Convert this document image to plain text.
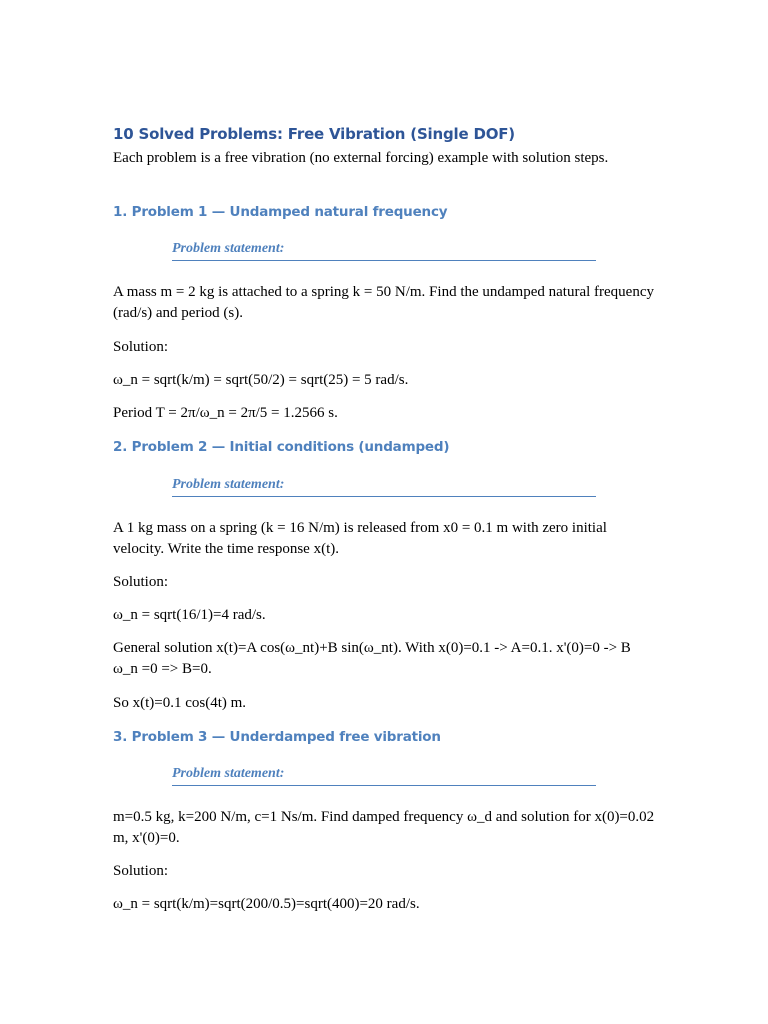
10 Solved Problems: Free Vibration (Single DOF)

Each problem is a free vibration (no external forcing) example with solution steps.

1. Problem 1 — Undamped natural frequency
Problem statement:

A mass m = 2 kg is attached to a spring k = 50 N/m. Find the undamped natural frequency (rad/s) and period (s).

Solution:

ω_n = sqrt(k/m) = sqrt(50/2) = sqrt(25) = 5 rad/s.

Period T = 2π/ω_n = 2π/5 = 1.2566 s.

2. Problem 2 — Initial conditions (undamped)
Problem statement:

A 1 kg mass on a spring (k = 16 N/m) is released from x0 = 0.1 m with zero initial velocity. Write the time response x(t).

Solution:

ω_n = sqrt(16/1)=4 rad/s.

General solution x(t)=A cos(ω_nt)+B sin(ω_nt). With x(0)=0.1 -> A=0.1. x'(0)=0 -> B ω_n =0 => B=0.

So x(t)=0.1 cos(4t) m.

3. Problem 3 — Underdamped free vibration
Problem statement:

m=0.5 kg, k=200 N/m, c=1 Ns/m. Find damped frequency ω_d and solution for x(0)=0.02 m, x'(0)=0.

Solution:

ω_n = sqrt(k/m)=sqrt(200/0.5)=sqrt(400)=20 rad/s.
